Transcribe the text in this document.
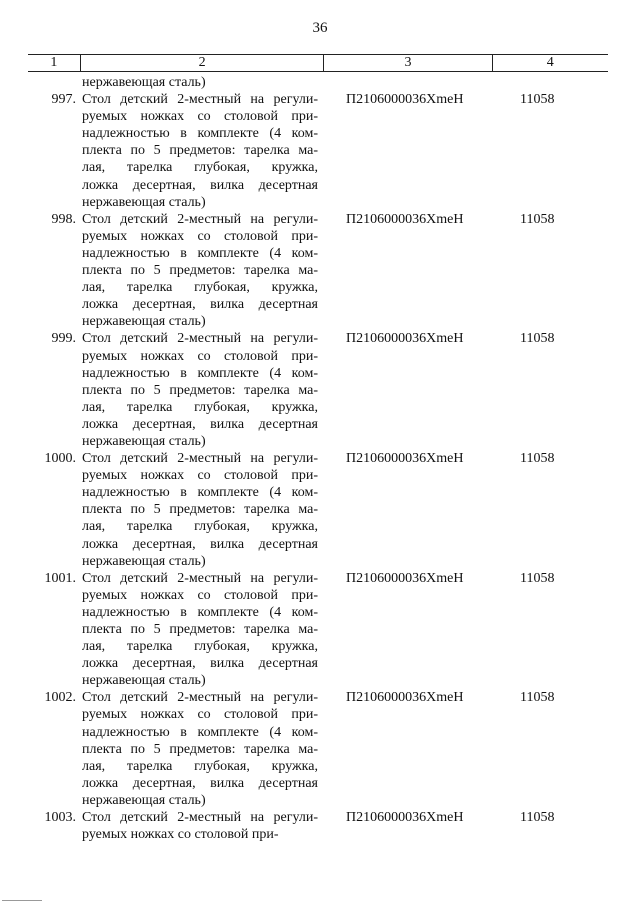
36
1	2	3	4
нержавеющая сталь)
997. Стол детский 2-местный на регули-
руемых ножках со столовой при-
надлежностью в комплекте (4 ком-
плекта по 5 предметов: тарелка ма-
лая, тарелка глубокая, кружка,
ложка десертная, вилка десертная
нержавеющая сталь)
П2106000036ХmeН	11058
998. Стол детский 2-местный на регули-
руемых ножках со столовой при-
надлежностью в комплекте (4 ком-
плекта по 5 предметов: тарелка ма-
лая, тарелка глубокая, кружка,
ложка десертная, вилка десертная
нержавеющая сталь)
П2106000036ХmeН	11058
999. Стол детский 2-местный на регули-
руемых ножках со столовой при-
надлежностью в комплекте (4 ком-
плекта по 5 предметов: тарелка ма-
лая, тарелка глубокая, кружка,
ложка десертная, вилка десертная
нержавеющая сталь)
П2106000036ХmeН	11058
1000. Стол детский 2-местный на регули-
руемых ножках со столовой при-
надлежностью в комплекте (4 ком-
плекта по 5 предметов: тарелка ма-
лая, тарелка глубокая, кружка,
ложка десертная, вилка десертная
нержавеющая сталь)
П2106000036ХmeН	11058
1001. Стол детский 2-местный на регули-
руемых ножках со столовой при-
надлежностью в комплекте (4 ком-
плекта по 5 предметов: тарелка ма-
лая, тарелка глубокая, кружка,
ложка десертная, вилка десертная
нержавеющая сталь)
П2106000036ХmeН	11058
1002. Стол детский 2-местный на регули-
руемых ножках со столовой при-
надлежностью в комплекте (4 ком-
плекта по 5 предметов: тарелка ма-
лая, тарелка глубокая, кружка,
ложка десертная, вилка десертная
нержавеющая сталь)
П2106000036ХmeН	11058
1003. Стол детский 2-местный на регули-
руемых ножках со столовой при-
П2106000036ХmeН	11058
